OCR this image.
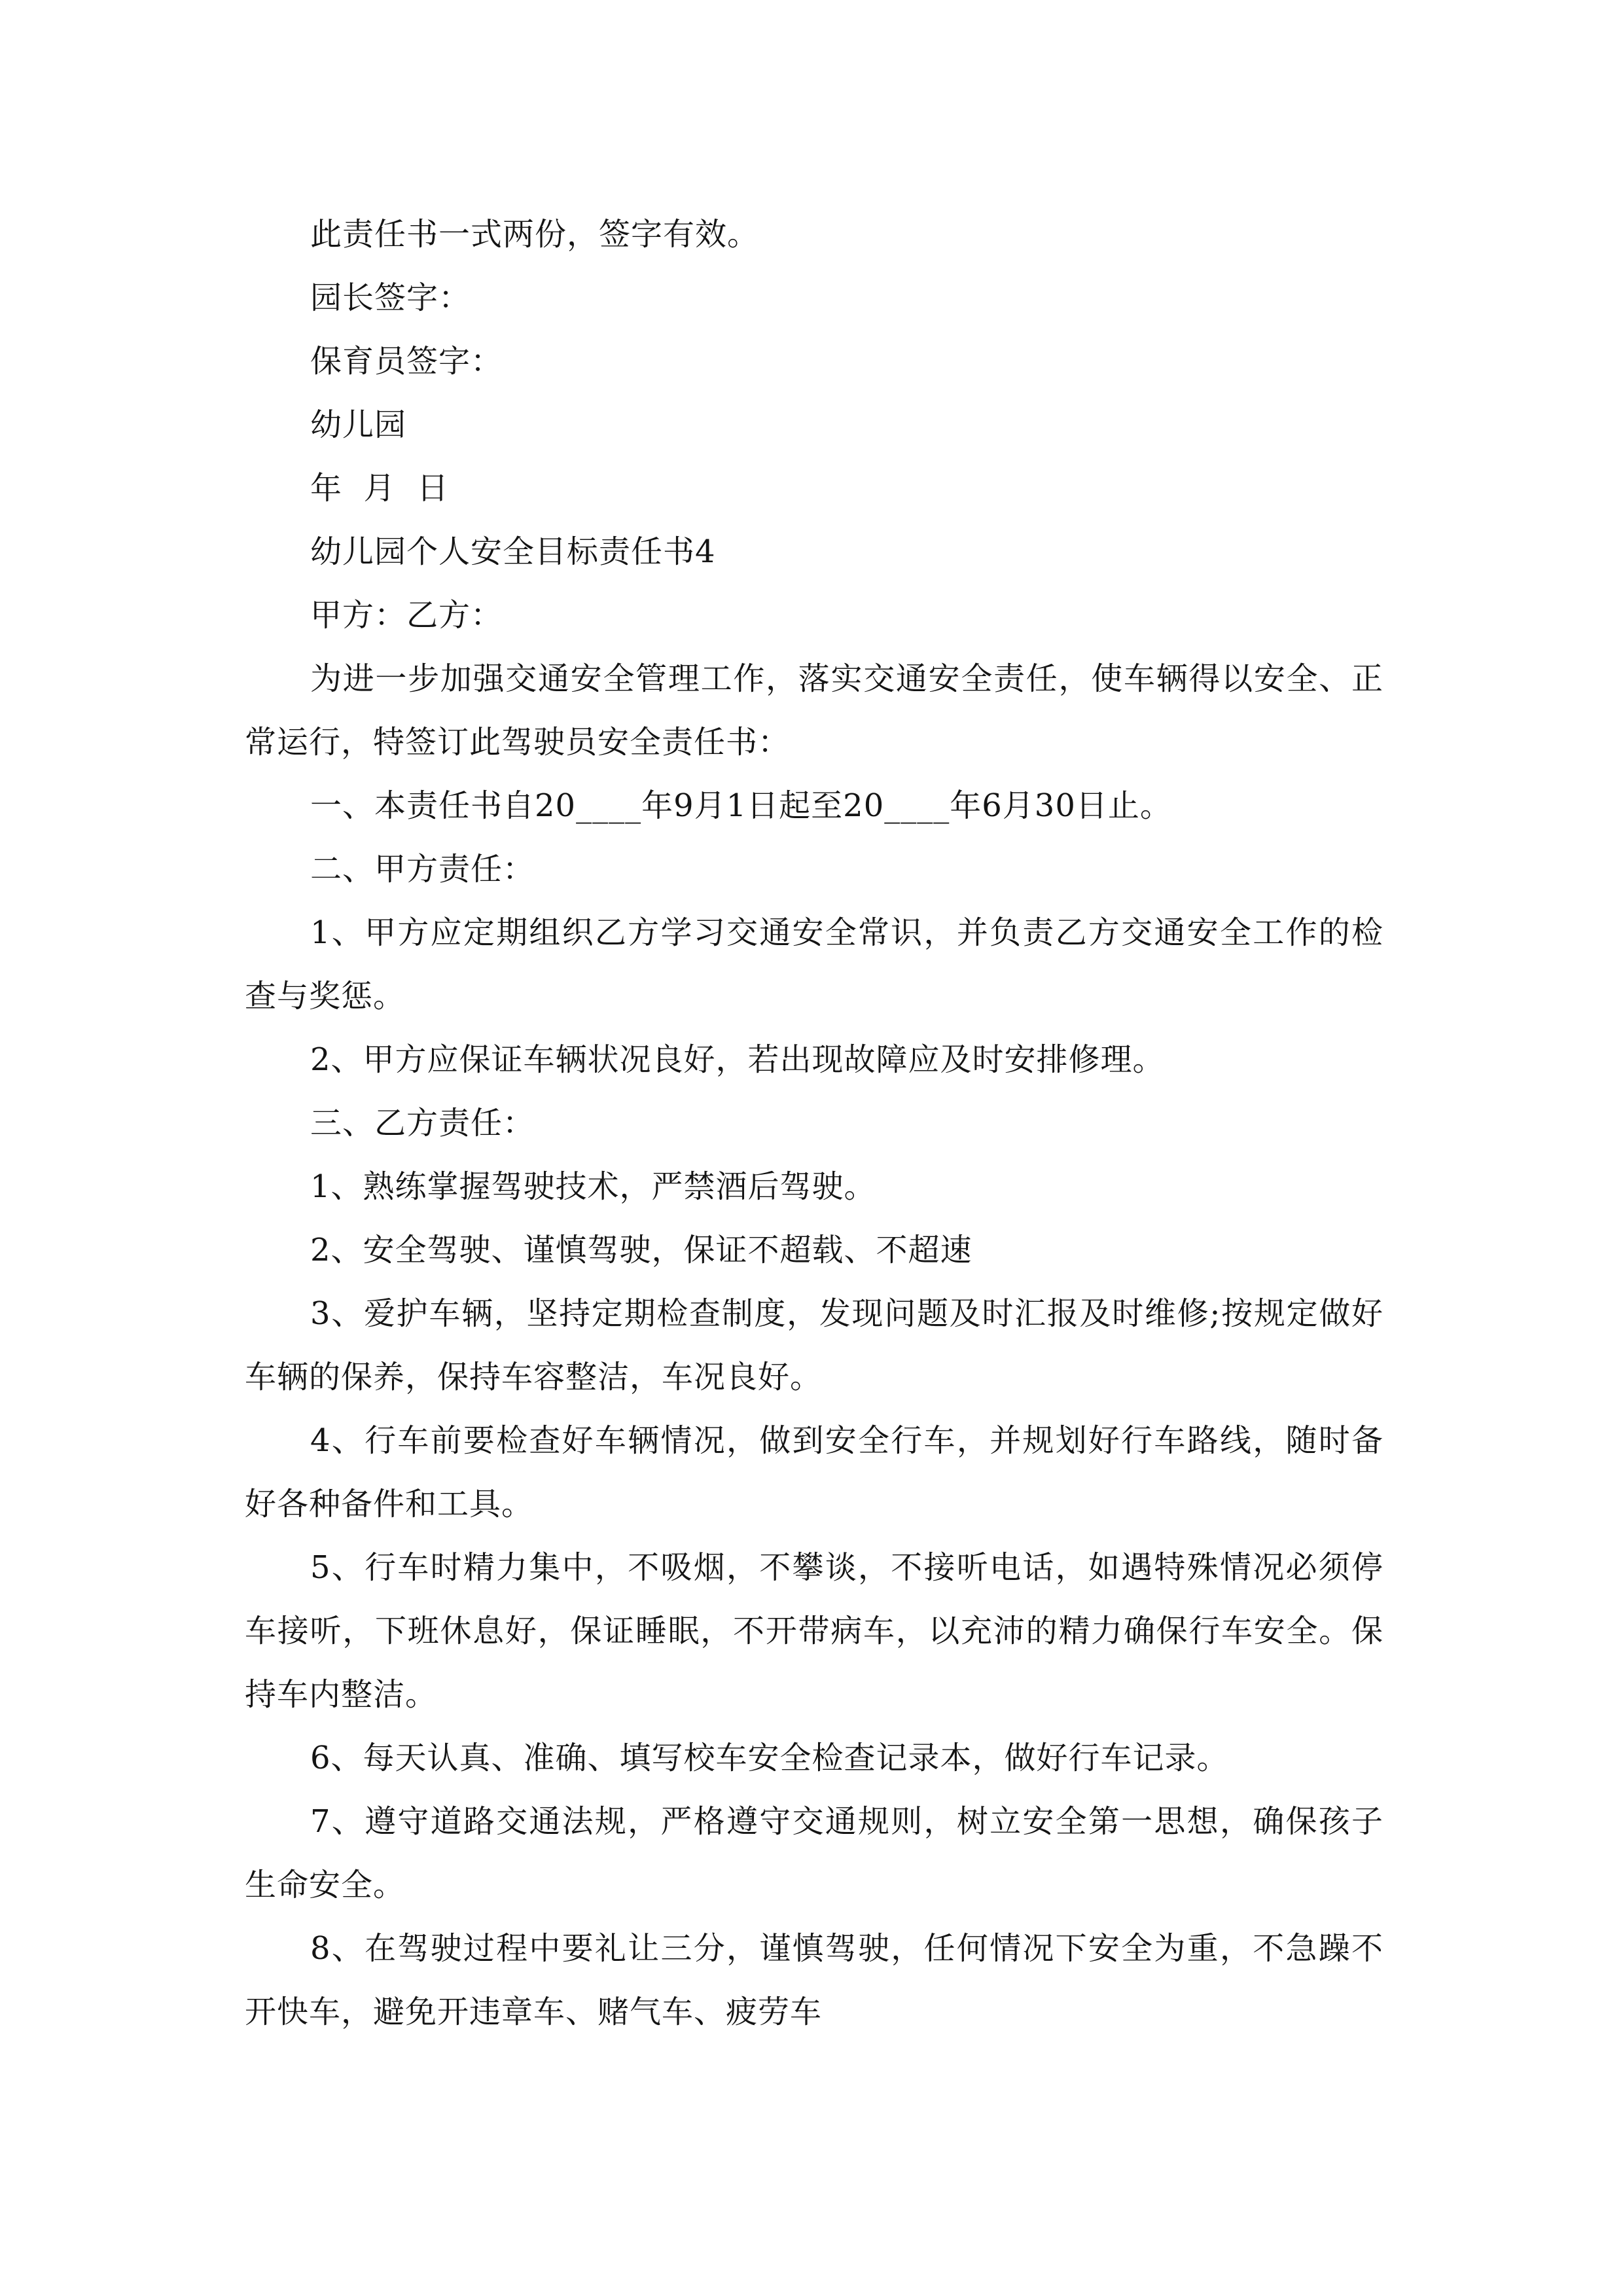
此责任书一式两份，签字有效。

园长签字：

保育员签字：

幼儿园

年  月  日

幼儿园个人安全目标责任书4

甲方：乙方：

为进一步加强交通安全管理工作，落实交通安全责任，使车辆得以安全、正常运行，特签订此驾驶员安全责任书：

一、本责任书自20____年9月1日起至20____年6月30日止。

二、甲方责任：

1、甲方应定期组织乙方学习交通安全常识，并负责乙方交通安全工作的检查与奖惩。

2、甲方应保证车辆状况良好，若出现故障应及时安排修理。

三、乙方责任：

1、熟练掌握驾驶技术，严禁酒后驾驶。

2、安全驾驶、谨慎驾驶，保证不超载、不超速

3、爱护车辆，坚持定期检查制度，发现问题及时汇报及时维修;按规定做好车辆的保养，保持车容整洁，车况良好。

4、行车前要检查好车辆情况，做到安全行车，并规划好行车路线，随时备好各种备件和工具。

5、行车时精力集中，不吸烟，不攀谈，不接听电话，如遇特殊情况必须停车接听，下班休息好，保证睡眠，不开带病车，以充沛的精力确保行车安全。保持车内整洁。

6、每天认真、准确、填写校车安全检查记录本，做好行车记录。

7、遵守道路交通法规，严格遵守交通规则，树立安全第一思想，确保孩子生命安全。

8、在驾驶过程中要礼让三分，谨慎驾驶，任何情况下安全为重，不急躁不开快车，避免开违章车、赌气车、疲劳车
